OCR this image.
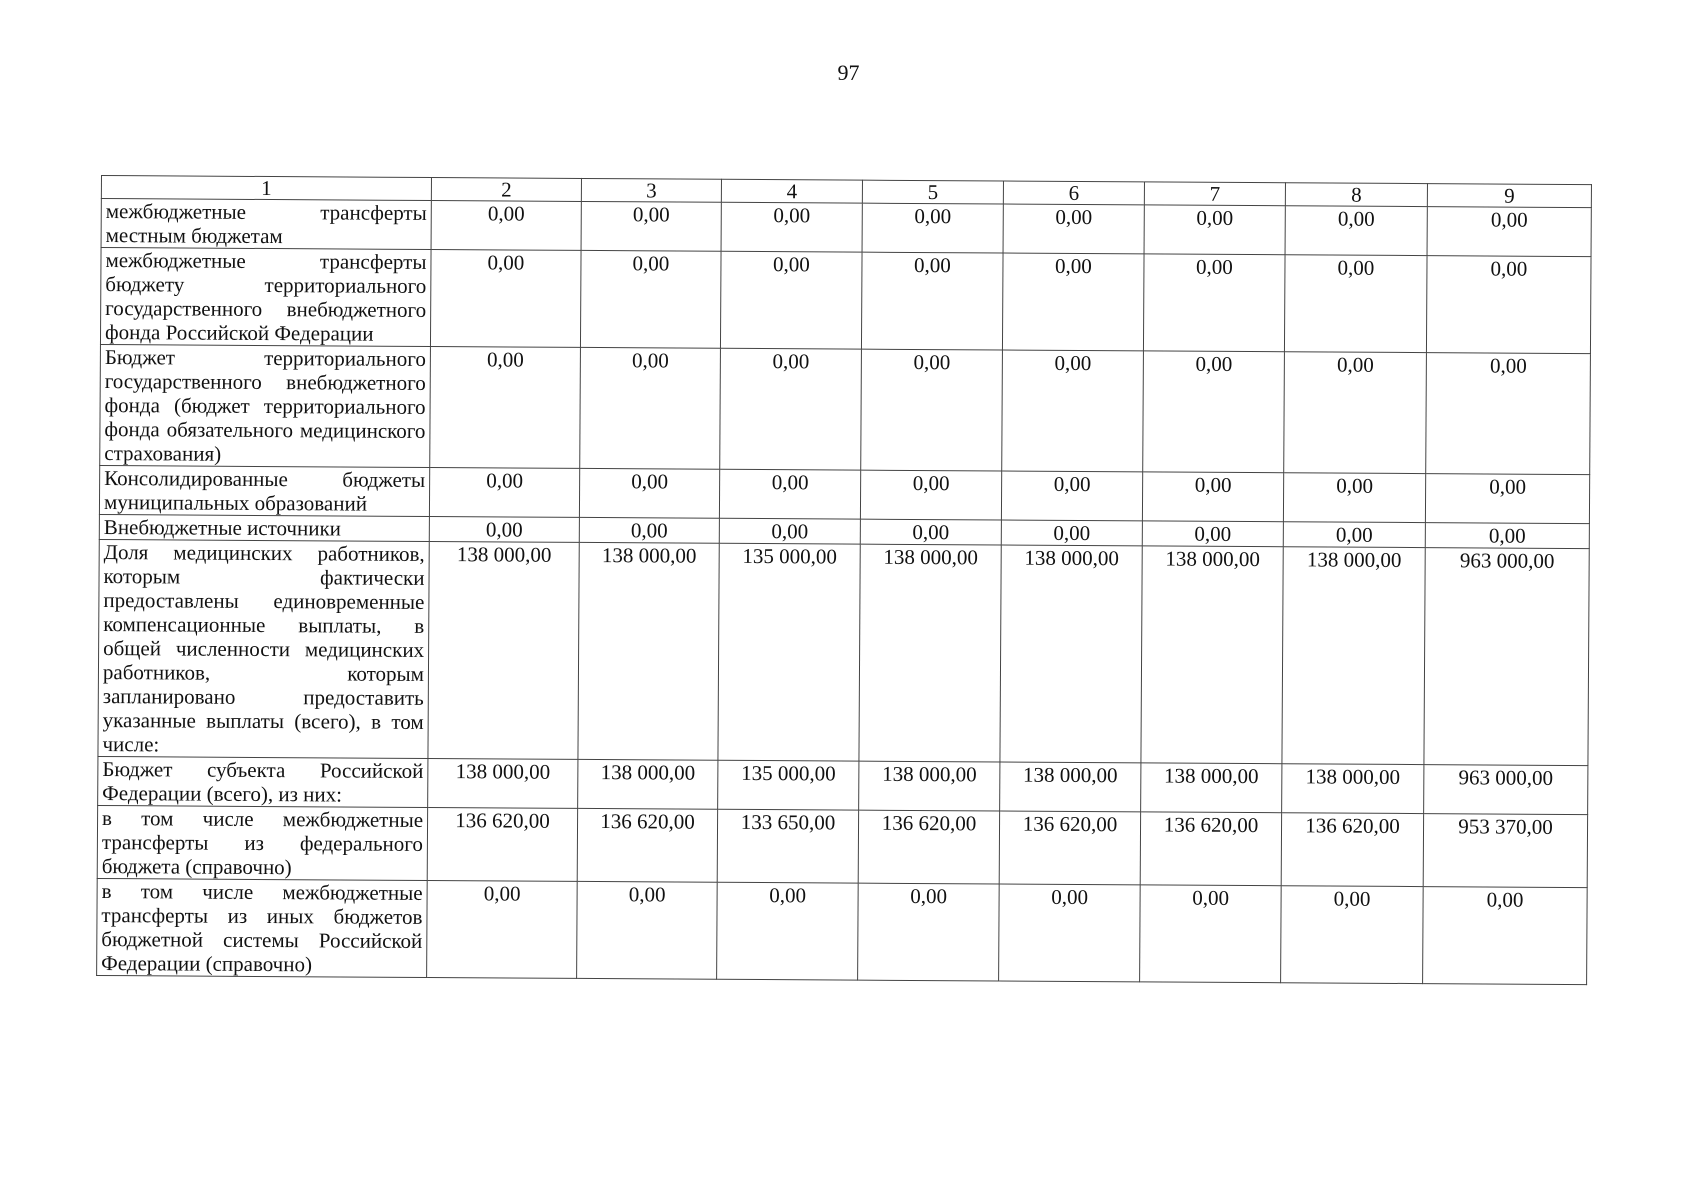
97
1	2	3	4	5	6	7	8	9
межбюджетные трансферты местным бюджетам	0,00	0,00	0,00	0,00	0,00	0,00	0,00	0,00
межбюджетные трансферты бюджету территориального государственного внебюджетного фонда Российской Федерации	0,00	0,00	0,00	0,00	0,00	0,00	0,00	0,00
Бюджет территориального государственного внебюджетного фонда (бюджет территориального фонда обязательного медицинского страхования)	0,00	0,00	0,00	0,00	0,00	0,00	0,00	0,00
Консолидированные бюджеты муниципальных образований	0,00	0,00	0,00	0,00	0,00	0,00	0,00	0,00
Внебюджетные источники	0,00	0,00	0,00	0,00	0,00	0,00	0,00	0,00
Доля медицинских работников, которым фактически предоставлены единовременные компенсационные выплаты, в общей численности медицинских работников, которым запланировано предоставить указанные выплаты (всего), в том числе:	138 000,00	138 000,00	135 000,00	138 000,00	138 000,00	138 000,00	138 000,00	963 000,00
Бюджет субъекта Российской Федерации (всего), из них:	138 000,00	138 000,00	135 000,00	138 000,00	138 000,00	138 000,00	138 000,00	963 000,00
в том числе межбюджетные трансферты из федерального бюджета (справочно)	136 620,00	136 620,00	133 650,00	136 620,00	136 620,00	136 620,00	136 620,00	953 370,00
в том числе межбюджетные трансферты из иных бюджетов бюджетной системы Российской Федерации (справочно)	0,00	0,00	0,00	0,00	0,00	0,00	0,00	0,00
